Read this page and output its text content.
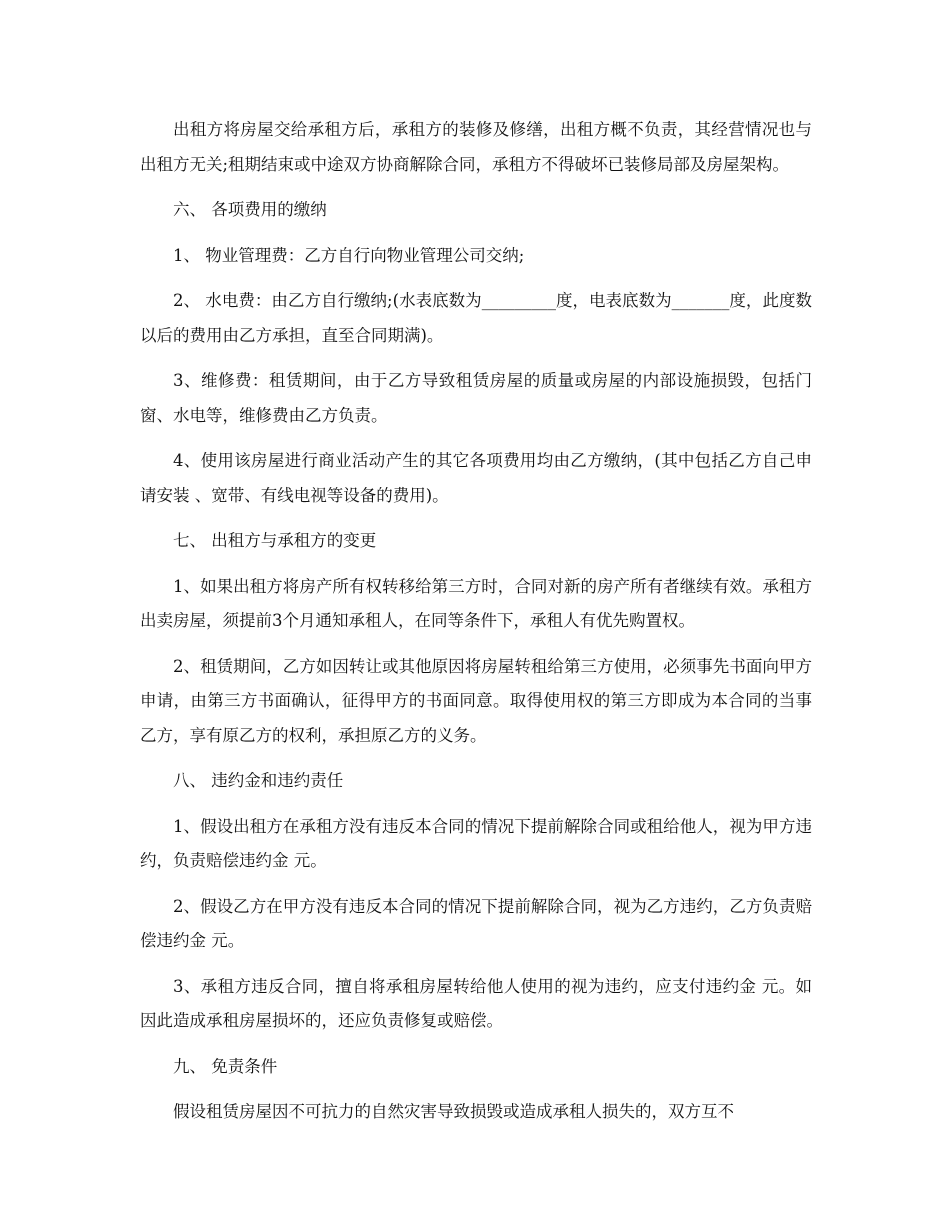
出租方将房屋交给承租方后，承租方的装修及修缮，出租方概不负责，其经营情况也与出租方无关;租期结束或中途双方协商解除合同，承租方不得破坏已装修局部及房屋架构。

六、 各项费用的缴纳

1、 物业管理费：乙方自行向物业管理公司交纳;

2、 水电费：由乙方自行缴纳;(水表底数为_________度，电表底数为_______度，此度数以后的费用由乙方承担，直至合同期满)。

3、维修费：租赁期间，由于乙方导致租赁房屋的质量或房屋的内部设施损毁，包括门窗、水电等，维修费由乙方负责。

4、使用该房屋进行商业活动产生的其它各项费用均由乙方缴纳，(其中包括乙方自己申请安装 、宽带、有线电视等设备的费用)。

七、 出租方与承租方的变更

1、如果出租方将房产所有权转移给第三方时，合同对新的房产所有者继续有效。承租方出卖房屋，须提前3个月通知承租人，在同等条件下，承租人有优先购置权。

2、租赁期间，乙方如因转让或其他原因将房屋转租给第三方使用，必须事先书面向甲方申请，由第三方书面确认，征得甲方的书面同意。取得使用权的第三方即成为本合同的当事乙方，享有原乙方的权利，承担原乙方的义务。

八、 违约金和违约责任

1、假设出租方在承租方没有违反本合同的情况下提前解除合同或租给他人，视为甲方违约，负责赔偿违约金 元。

2、假设乙方在甲方没有违反本合同的情况下提前解除合同，视为乙方违约，乙方负责赔偿违约金 元。

3、承租方违反合同，擅自将承租房屋转给他人使用的视为违约，应支付违约金 元。如因此造成承租房屋损坏的，还应负责修复或赔偿。

九、 免责条件

假设租赁房屋因不可抗力的自然灾害导致损毁或造成承租人损失的，双方互不
